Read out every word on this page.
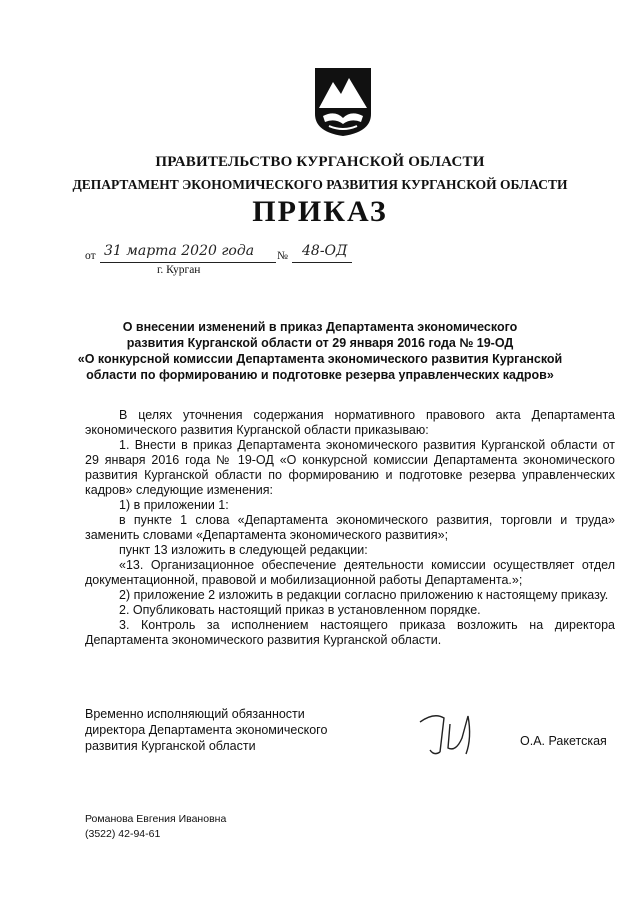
ПРАВИТЕЛЬСТВО КУРГАНСКОЙ ОБЛАСТИ
ДЕПАРТАМЕНТ ЭКОНОМИЧЕСКОГО РАЗВИТИЯ КУРГАНСКОЙ ОБЛАСТИ
ПРИКАЗ
от 31 марта 2020 года № 48-ОД
г. Курган
О внесении изменений в приказ Департамента экономического
развития Курганской области от 29 января 2016 года № 19-ОД
«О конкурсной комиссии Департамента экономического развития Курганской
области по формированию и подготовке резерва управленческих кадров»
В целях уточнения содержания нормативного правового акта Департамента экономического развития Курганской области приказываю:
1. Внести в приказ Департамента экономического развития Курганской области от 29 января 2016 года № 19-ОД «О конкурсной комиссии Департамента экономического развития Курганской области по формированию и подготовке резерва управленческих кадров» следующие изменения:
1) в приложении 1:
в пункте 1 слова «Департамента экономического развития, торговли и труда» заменить словами «Департамента экономического развития»;
пункт 13 изложить в следующей редакции:
«13. Организационное обеспечение деятельности комиссии осуществляет отдел документационной, правовой и мобилизационной работы Департамента.»;
2) приложение 2 изложить в редакции согласно приложению к настоящему приказу.
2. Опубликовать настоящий приказ в установленном порядке.
3. Контроль за исполнением настоящего приказа возложить на директора Департамента экономического развития Курганской области.
Временно исполняющий обязанности
директора Департамента экономического
развития Курганской области	О.А. Ракетская
Романова Евгения Ивановна
(3522) 42-94-61
